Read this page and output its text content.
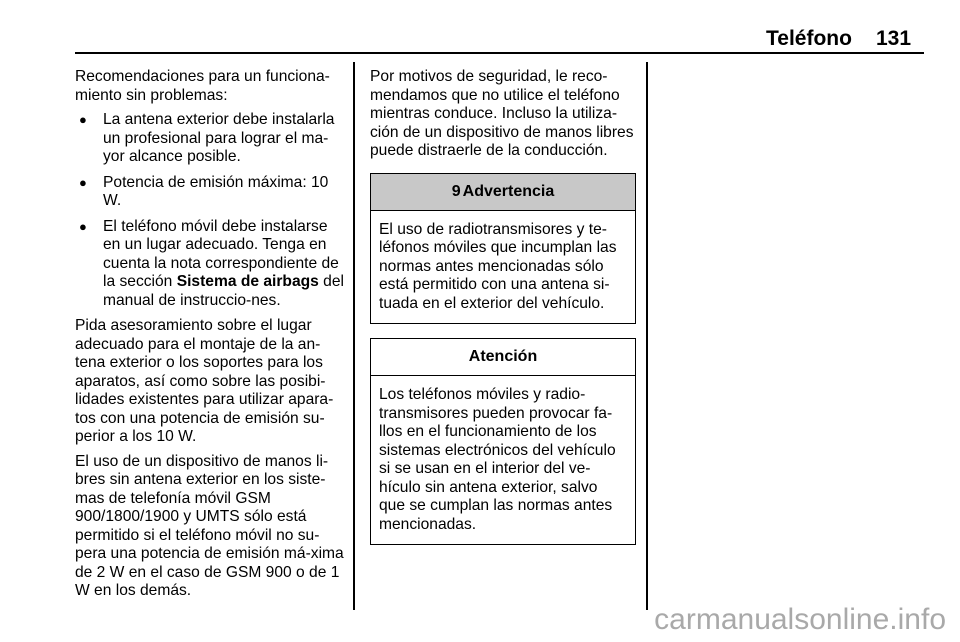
Teléfono 131

Recomendaciones para un funciona-miento sin problemas:

● La antena exterior debe instalarla un profesional para lograr el ma-yor alcance posible.
● Potencia de emisión máxima: 10 W.
● El teléfono móvil debe instalarse en un lugar adecuado. Tenga en cuenta la nota correspondiente de la sección Sistema de airbags del manual de instruccio-nes.

Pida asesoramiento sobre el lugar adecuado para el montaje de la an-tena exterior o los soportes para los aparatos, así como sobre las posibi-lidades existentes para utilizar apara-tos con una potencia de emisión su-perior a los 10 W.

El uso de un dispositivo de manos li-bres sin antena exterior en los siste-mas de telefonía móvil GSM 900/1800/1900 y UMTS sólo está permitido si el teléfono móvil no su-pera una potencia de emisión má-xima de 2 W en el caso de GSM 900 o de 1 W en los demás.

Por motivos de seguridad, le reco-mendamos que no utilice el teléfono mientras conduce. Incluso la utiliza-ción de un dispositivo de manos libres puede distraerle de la conducción.

9 Advertencia
El uso de radiotransmisores y te-léfonos móviles que incumplan las normas antes mencionadas sólo está permitido con una antena si-tuada en el exterior del vehículo.
Atención
Los teléfonos móviles y radio-transmisores pueden provocar fa-llos en el funcionamiento de los sistemas electrónicos del vehículo si se usan en el interior del ve-hículo sin antena exterior, salvo que se cumplan las normas antes mencionadas.
carmanualsonline.info
